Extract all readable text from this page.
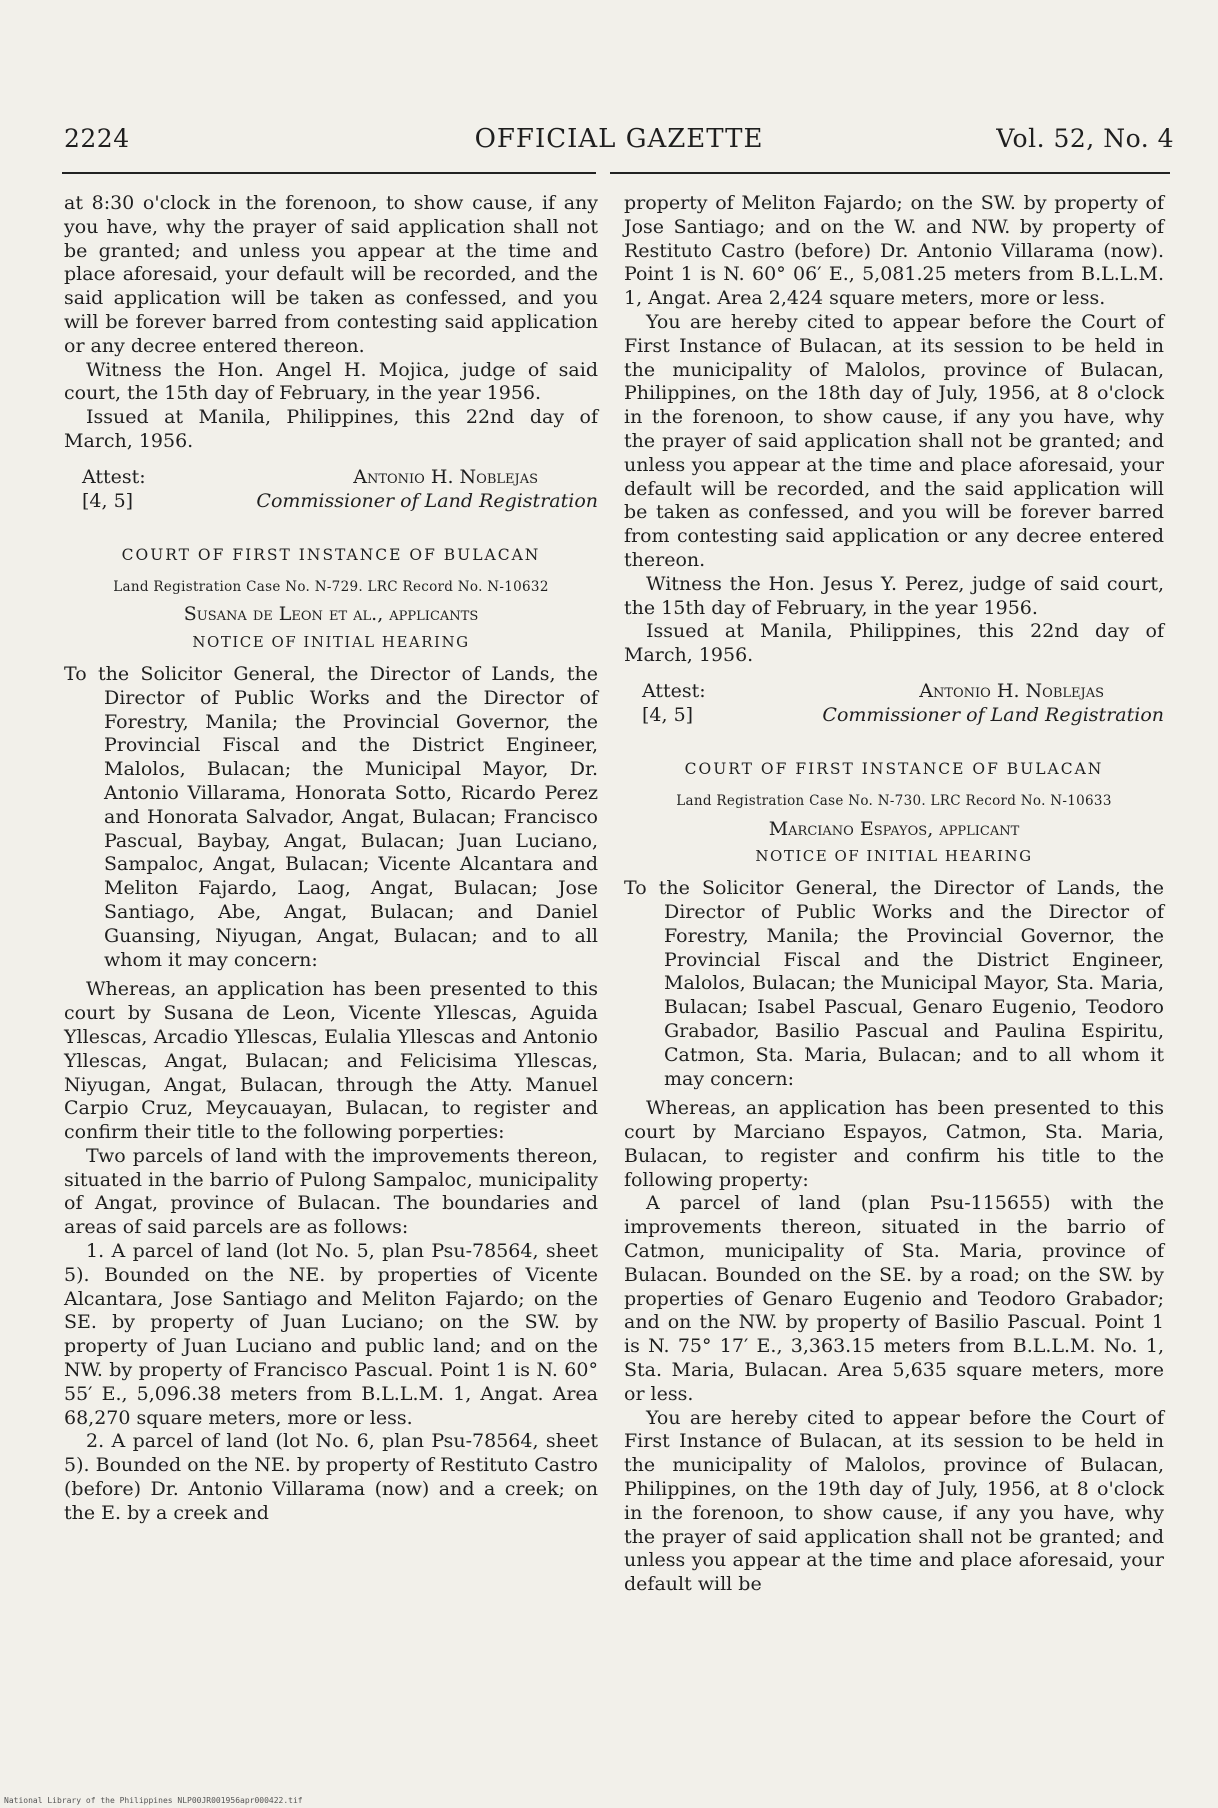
2224	OFFICIAL GAZETTE	Vol. 52, No. 4

at 8:30 o'clock in the forenoon, to show cause, if any you have, why the prayer of said application shall not be granted; and unless you appear at the time and place aforesaid, your default will be recorded, and the said application will be taken as confessed, and you will be forever barred from contesting said application or any decree entered thereon.

Witness the Hon. Angel H. Mojica, judge of said court, the 15th day of February, in the year 1956.

Issued at Manila, Philippines, this 22nd day of March, 1956.

Attest:
[4, 5]
Antonio H. Noblejas
Commissioner of Land Registration

COURT OF FIRST INSTANCE OF BULACAN

Land Registration Case No. N-729. LRC Record No. N-10632

Susana de Leon et al., applicants

NOTICE OF INITIAL HEARING

To the Solicitor General, the Director of Lands, the Director of Public Works and the Director of Forestry, Manila; the Provincial Governor, the Provincial Fiscal and the District Engineer, Malolos, Bulacan; the Municipal Mayor, Dr. Antonio Villarama, Honorata Sotto, Ricardo Perez and Honorata Salvador, Angat, Bulacan; Francisco Pascual, Baybay, Angat, Bulacan; Juan Luciano, Sampaloc, Angat, Bulacan; Vicente Alcantara and Meliton Fajardo, Laog, Angat, Bulacan; Jose Santiago, Abe, Angat, Bulacan; and Daniel Guansing, Niyugan, Angat, Bulacan; and to all whom it may concern:

Whereas, an application has been presented to this court by Susana de Leon, Vicente Yllescas, Aguida Yllescas, Arcadio Yllescas, Eulalia Yllescas and Antonio Yllescas, Angat, Bulacan; and Felicisima Yllescas, Niyugan, Angat, Bulacan, through the Atty. Manuel Carpio Cruz, Meycauayan, Bulacan, to register and confirm their title to the following porperties:

Two parcels of land with the improvements thereon, situated in the barrio of Pulong Sampaloc, municipality of Angat, province of Bulacan. The boundaries and areas of said parcels are as follows:

1. A parcel of land (lot No. 5, plan Psu-78564, sheet 5). Bounded on the NE. by properties of Vicente Alcantara, Jose Santiago and Meliton Fajardo; on the SE. by property of Juan Luciano; on the SW. by property of Juan Luciano and public land; and on the NW. by property of Francisco Pascual. Point 1 is N. 60° 55′ E., 5,096.38 meters from B.L.L.M. 1, Angat. Area 68,270 square meters, more or less.

2. A parcel of land (lot No. 6, plan Psu-78564, sheet 5). Bounded on the NE. by property of Restituto Castro (before) Dr. Antonio Villarama (now) and a creek; on the E. by a creek and

property of Meliton Fajardo; on the SW. by property of Jose Santiago; and on the W. and NW. by property of Restituto Castro (before) Dr. Antonio Villarama (now). Point 1 is N. 60° 06′ E., 5,081.25 meters from B.L.L.M. 1, Angat. Area 2,424 square meters, more or less.

You are hereby cited to appear before the Court of First Instance of Bulacan, at its session to be held in the municipality of Malolos, province of Bulacan, Philippines, on the 18th day of July, 1956, at 8 o'clock in the forenoon, to show cause, if any you have, why the prayer of said application shall not be granted; and unless you appear at the time and place aforesaid, your default will be recorded, and the said application will be taken as confessed, and you will be forever barred from contesting said application or any decree entered thereon.

Witness the Hon. Jesus Y. Perez, judge of said court, the 15th day of February, in the year 1956.

Issued at Manila, Philippines, this 22nd day of March, 1956.

Attest:
[4, 5]
Antonio H. Noblejas
Commissioner of Land Registration

COURT OF FIRST INSTANCE OF BULACAN

Land Registration Case No. N-730. LRC Record No. N-10633

Marciano Espayos, applicant

NOTICE OF INITIAL HEARING

To the Solicitor General, the Director of Lands, the Director of Public Works and the Director of Forestry, Manila; the Provincial Governor, the Provincial Fiscal and the District Engineer, Malolos, Bulacan; the Municipal Mayor, Sta. Maria, Bulacan; Isabel Pascual, Genaro Eugenio, Teodoro Grabador, Basilio Pascual and Paulina Espiritu, Catmon, Sta. Maria, Bulacan; and to all whom it may concern:

Whereas, an application has been presented to this court by Marciano Espayos, Catmon, Sta. Maria, Bulacan, to register and confirm his title to the following property:

A parcel of land (plan Psu-115655) with the improvements thereon, situated in the barrio of Catmon, municipality of Sta. Maria, province of Bulacan. Bounded on the SE. by a road; on the SW. by properties of Genaro Eugenio and Teodoro Grabador; and on the NW. by property of Basilio Pascual. Point 1 is N. 75° 17′ E., 3,363.15 meters from B.L.L.M. No. 1, Sta. Maria, Bulacan. Area 5,635 square meters, more or less.

You are hereby cited to appear before the Court of First Instance of Bulacan, at its session to be held in the municipality of Malolos, province of Bulacan, Philippines, on the 19th day of July, 1956, at 8 o'clock in the forenoon, to show cause, if any you have, why the prayer of said application shall not be granted; and unless you appear at the time and place aforesaid, your default will be

National Library of the Philippines NLP00JR001956apr000422.tif
